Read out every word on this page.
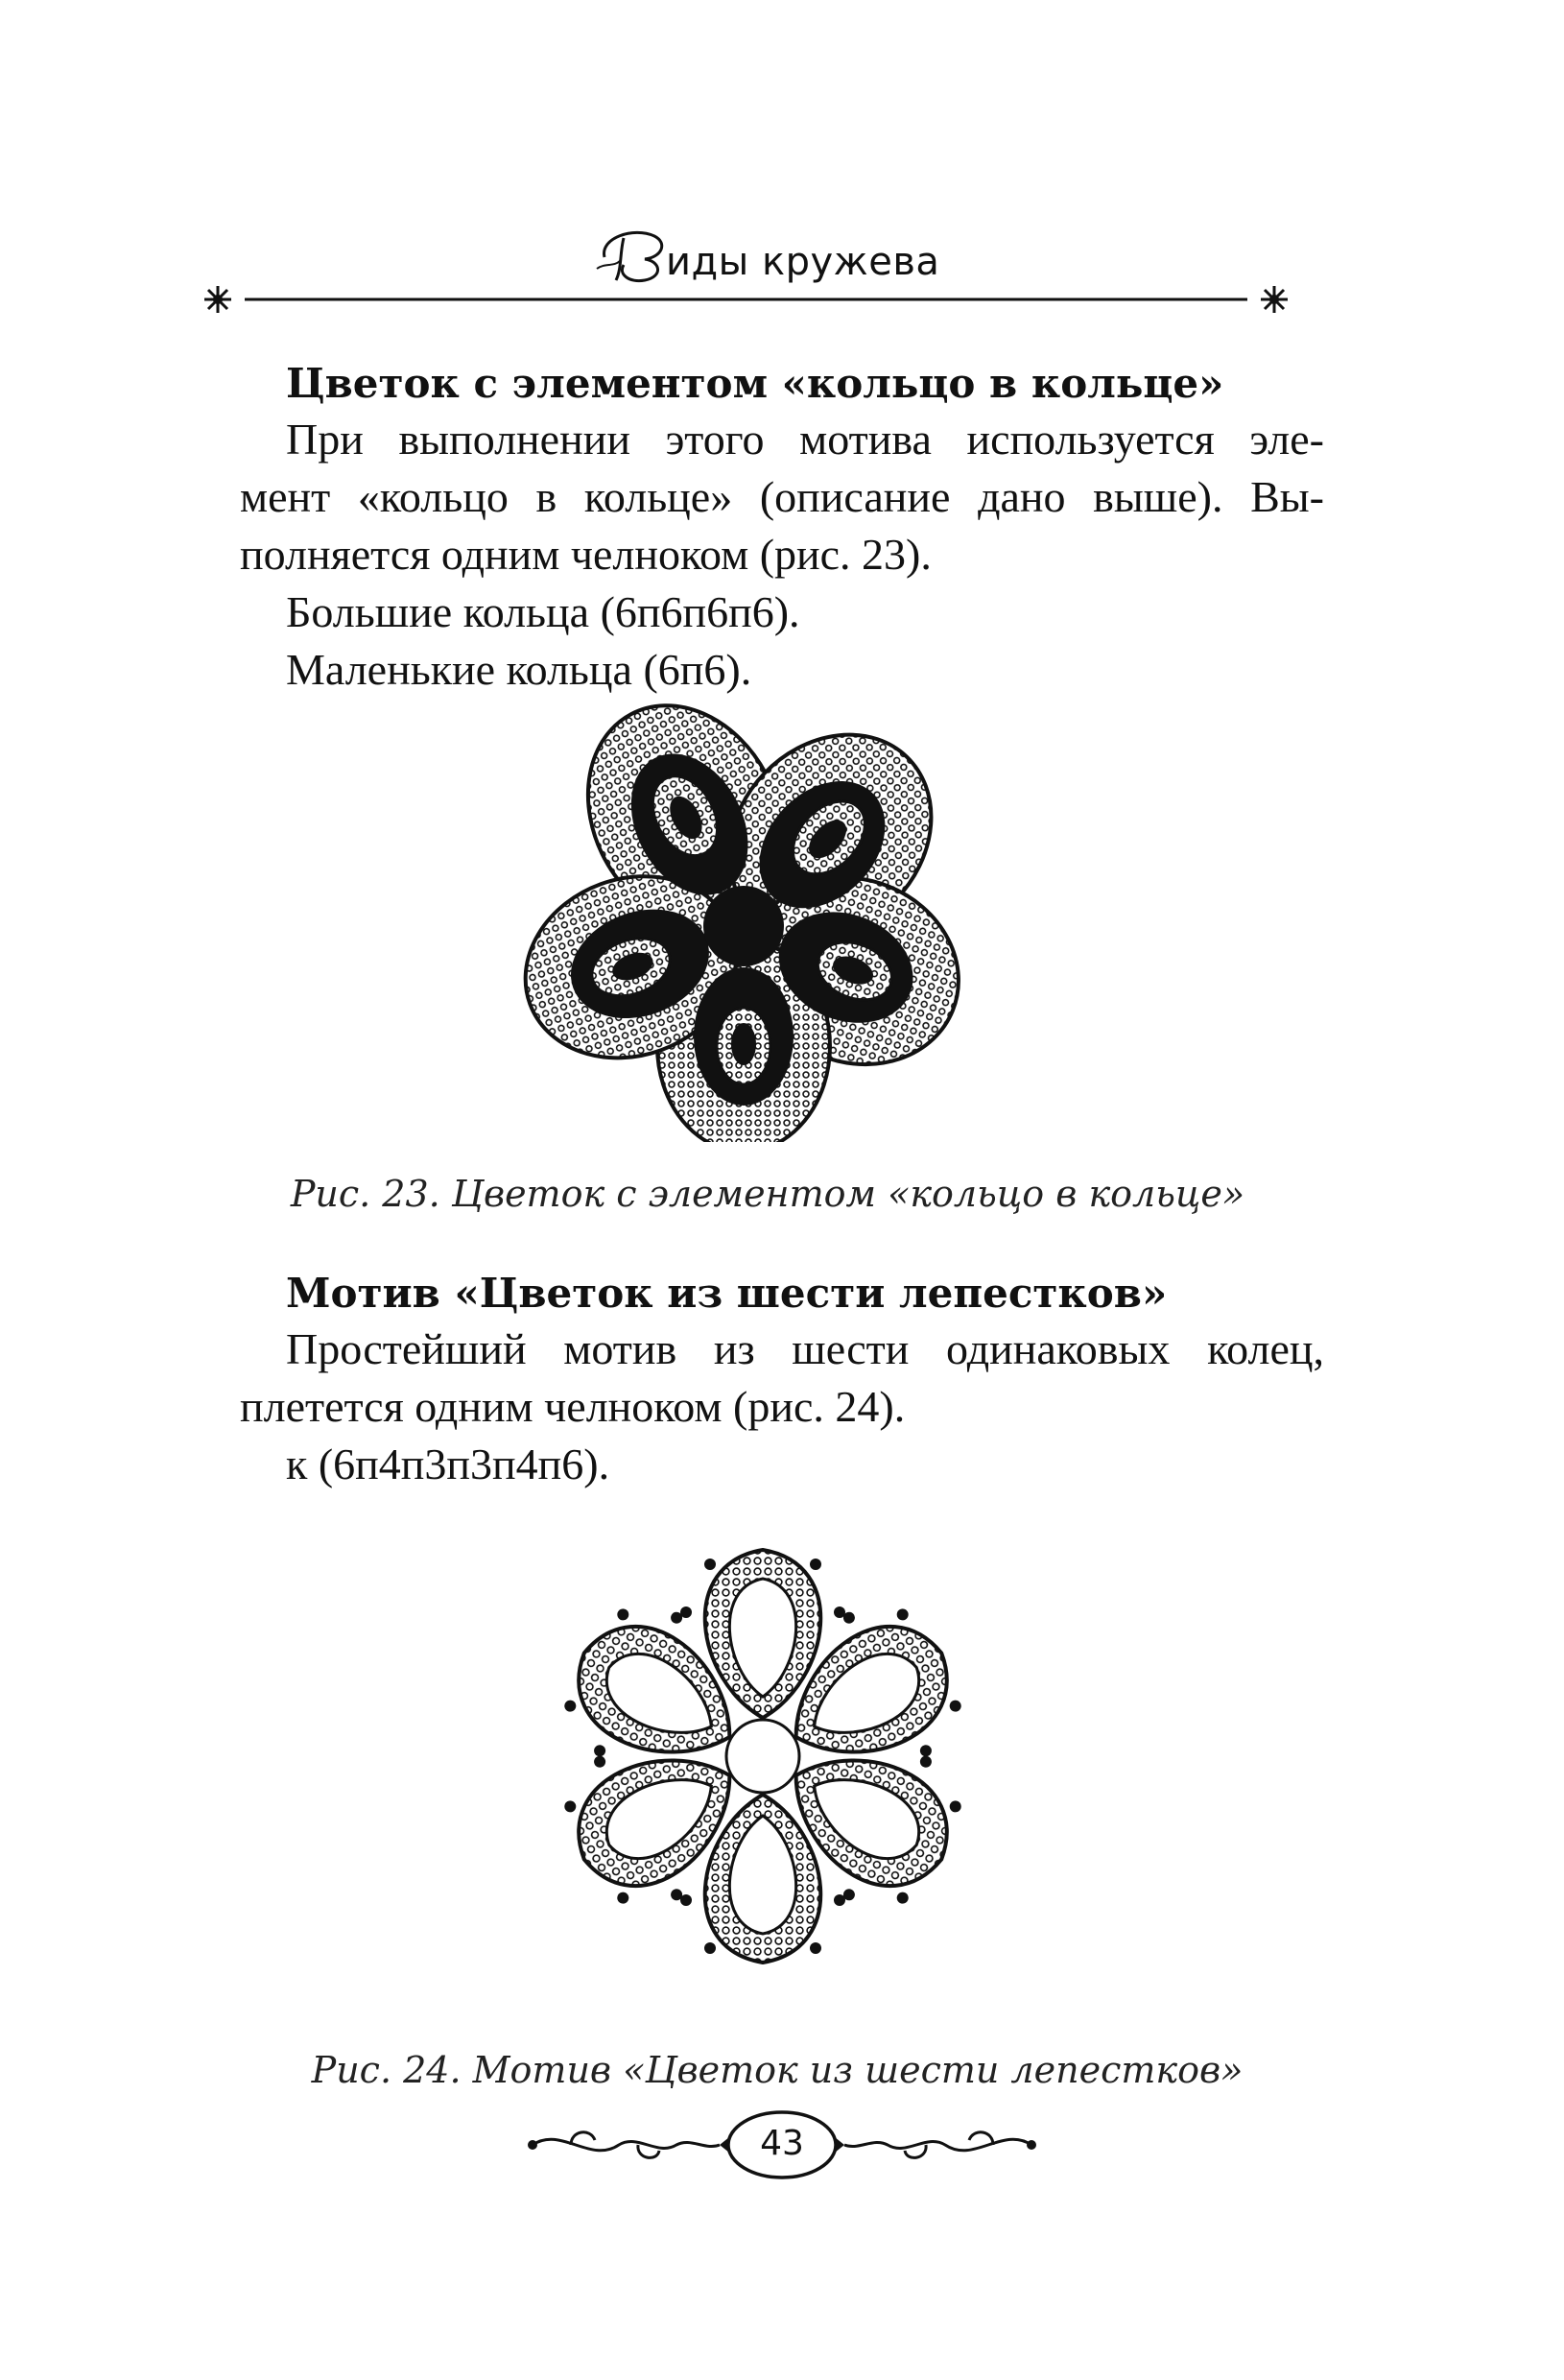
В
иды кружева
Цветок с элементом «кольцо в кольце»
При выполнении этого мотива используется эле-
мент «кольцо в кольце» (описание дано выше). Вы-
полняется одним челноком (рис. 23).
Большие кольца (6п6п6п6).
Маленькие кольца (6п6).
Рис. 23. Цветок с элементом «кольцо в кольце»
Мотив «Цветок из шести лепестков»
Простейший мотив из шести одинаковых колец,
плетется одним челноком (рис. 24).
к (6п4п3п3п4п6).
Рис. 24. Мотив «Цветок из шести лепестков»
43
